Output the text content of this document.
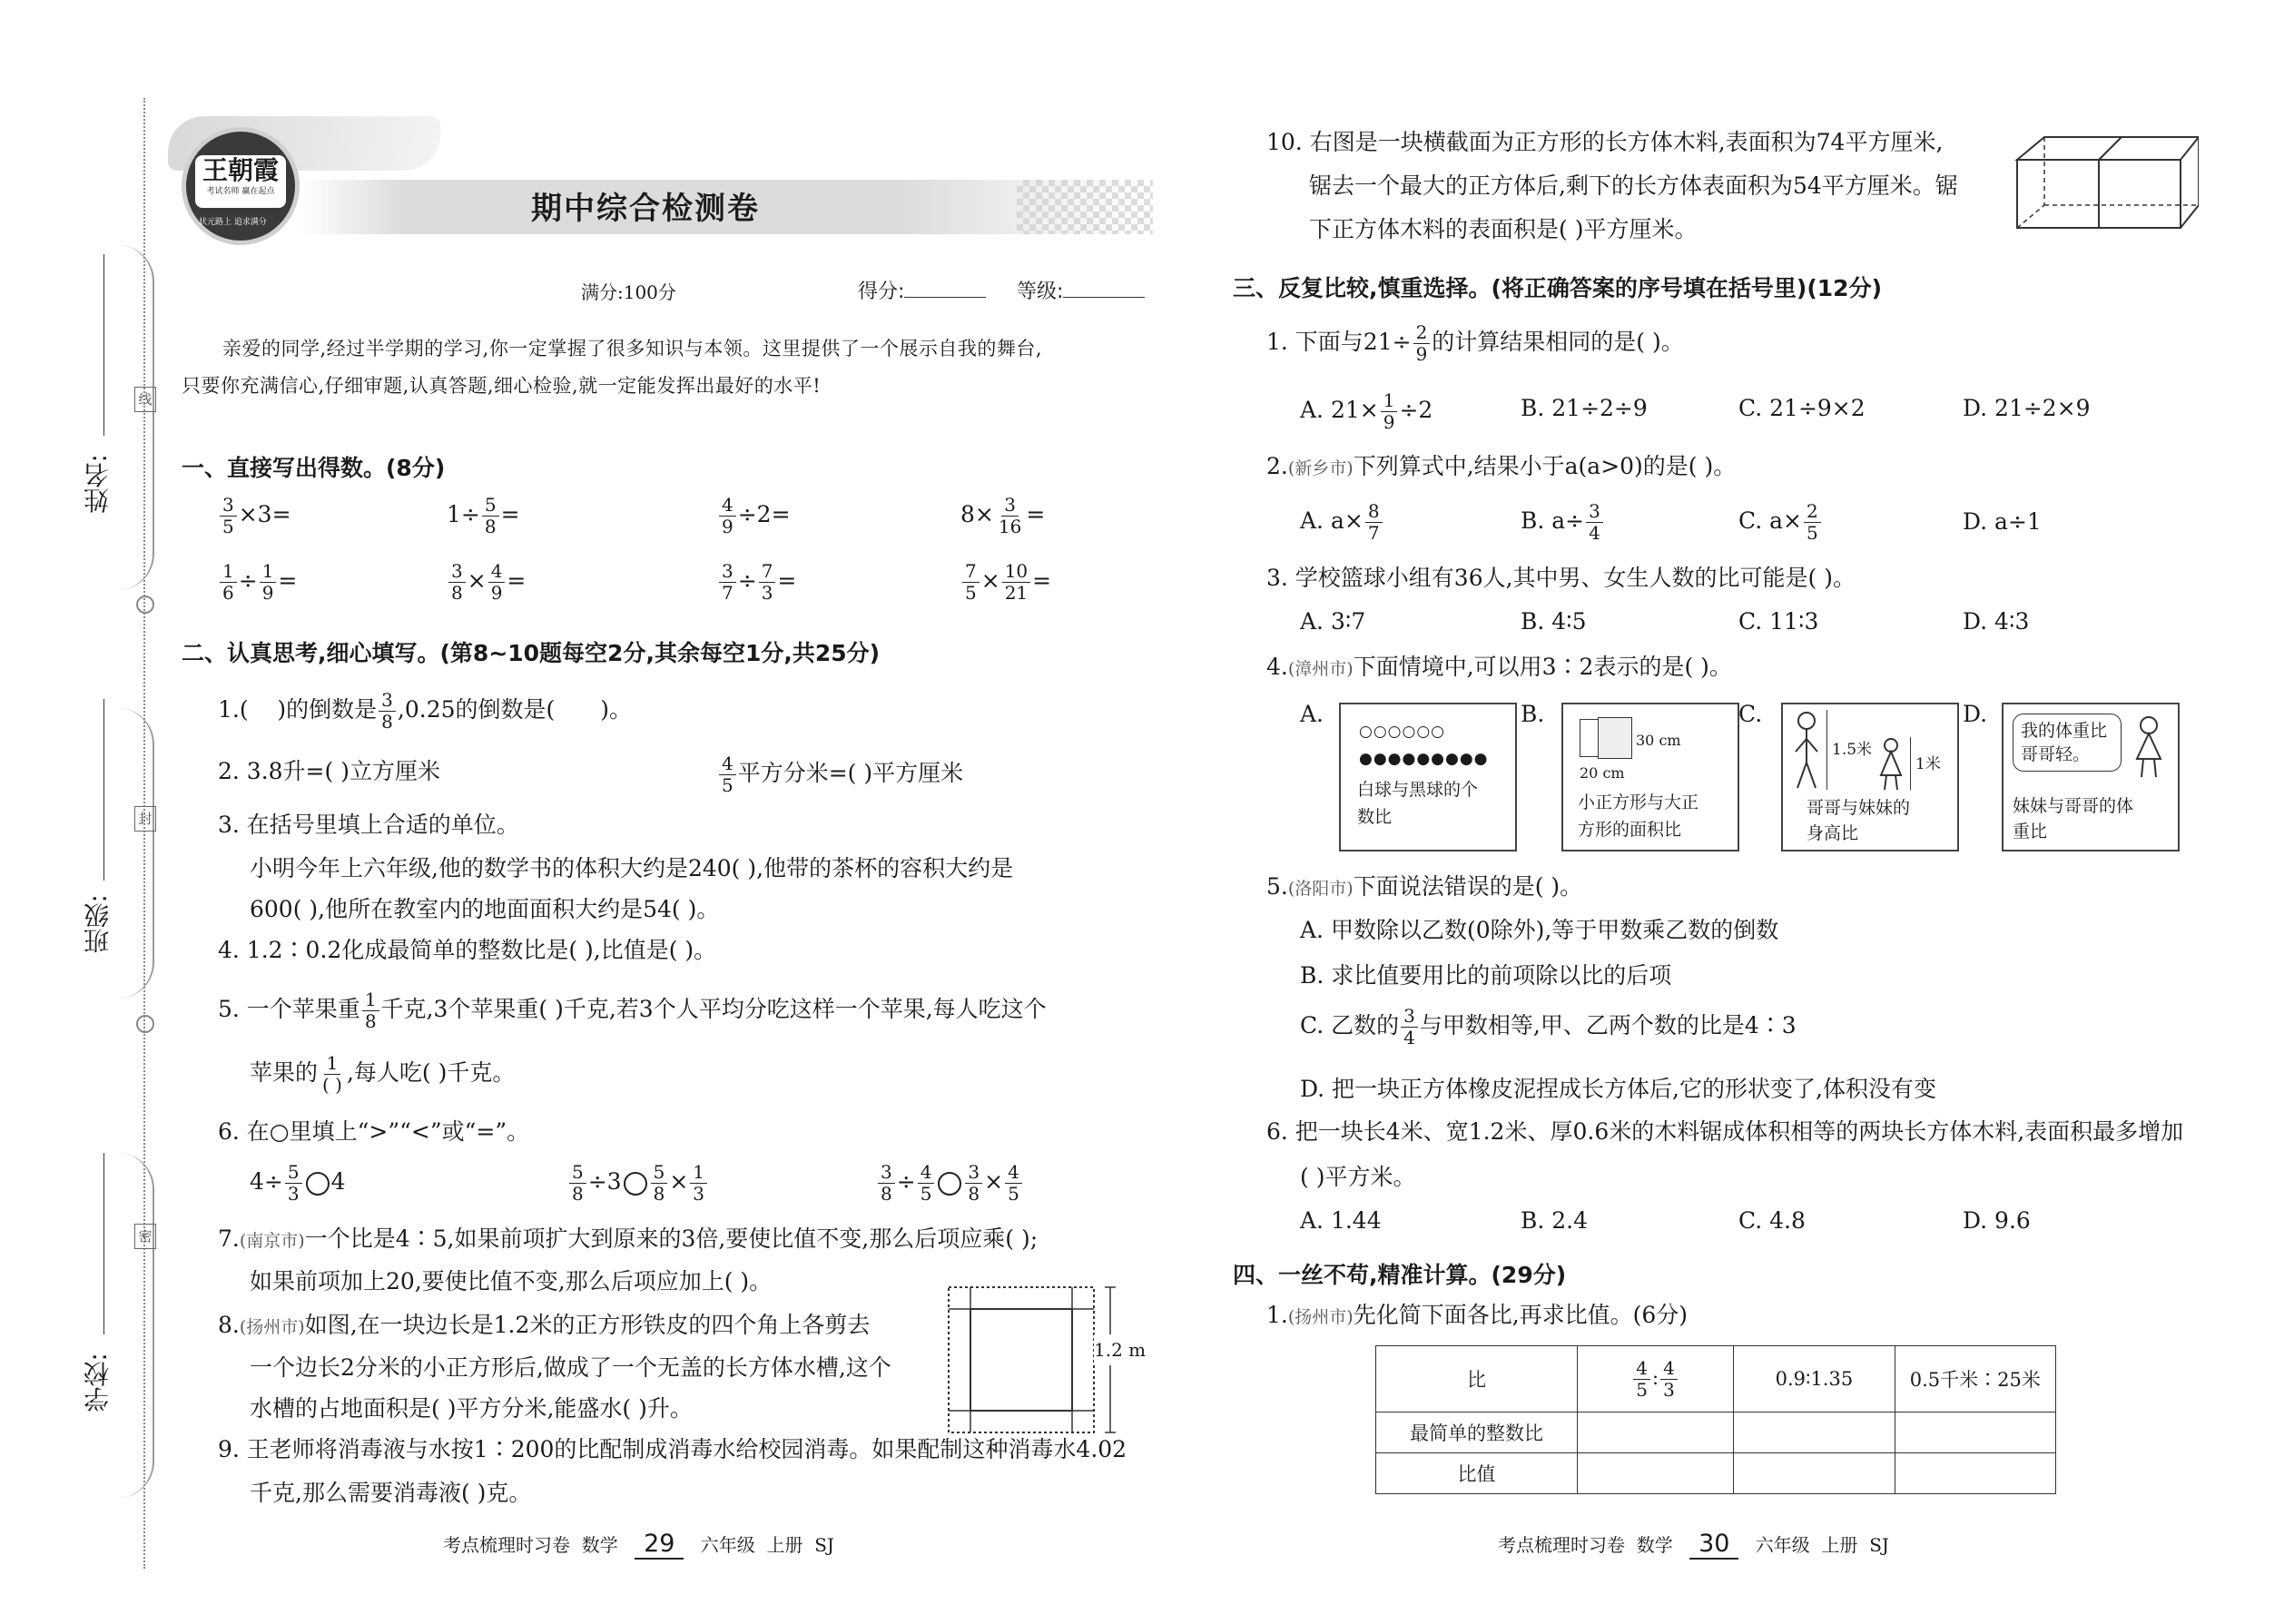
线
封
密
姓名:
班级:
学校:
王朝霞
考试名师 赢在起点
状元路上 追求满分	期中综合检测卷
满分:100分	得分:	等级:
亲爱的同学,经过半学期的学习,你一定掌握了很多知识与本领。这里提供了一个展示自我的舞台,
只要你充满信心,仔细审题,认真答题,细心检验,就一定能发挥出最好的水平!
一、直接写出得数。(8分)
$\frac{3}{5} \times 3=$	$1\div \frac{5}{8}$ =	$\frac{4}{9} \div 2=$	$8\times \frac{3}{16}$ =
$\frac{1}{6} \div \frac{1}{9}$ =	$\frac{3}{8} \times \frac{4}{9}$ =	$\frac{3}{7} \div \frac{7}{3}$ =	$\frac{7}{5} \times \frac{10}{21}$ =
二、认真思考,细心填写。(第8~10题每空2分,其余每空1分,共25分)
1.( )的倒数是 $\frac{3}{8} ,0.25$的倒数是( )。
2. 3.8升=( )立方厘米	$\frac{4}{5}$ 平方分米=( )平方厘米
3. 在括号里填上合适的单位。
小明今年上六年级,他的数学书的体积大约是240( ),他带的茶杯的容积大约是
600( ),他所在教室内的地面面积大约是54( )。
4. 1.2∶0.2化成最简单的整数比是( ),比值是( )。
5. 一个苹果重 $\frac{1}{8}$ 千克,3个苹果重( )千克,若3个人平均分吃这样一个苹果,每人吃这个
苹果的 $\frac{1}{( )}$ ,每人吃( )千克。
6. 在○里填上“>”“<”或“=”。
$4\div \frac{5}{3} 4$	$\frac{5}{8} \div 3 \frac{5}{8} \times \frac{1}{3}$	$\frac{3}{8} \div \frac{4}{5} \frac{3}{8} \times \frac{4}{5}$
7.(南京市)一个比是4∶5,如果前项扩大到原来的3倍,要使比值不变,那么后项应乘( );
如果前项加上20,要使比值不变,那么后项应加上( )。
8.(扬州市)如图,在一块边长是1.2米的正方形铁皮的四个角上各剪去
一个边长2分米的小正方形后,做成了一个无盖的长方体水槽,这个
水槽的占地面积是( )平方分米,能盛水( )升。
1.2 m
9. 王老师将消毒液与水按1∶200的比配制成消毒水给校园消毒。如果配制这种消毒水4.02
千克,那么需要消毒液( )克。
10. 右图是一块横截面为正方形的长方体木料,表面积为74平方厘米,
锯去一个最大的正方体后,剩下的长方体表面积为54平方厘米。锯
下正方体木料的表面积是( )平方厘米。
三、反复比较,慎重选择。(将正确答案的序号填在括号里)(12分)
1. 下面与$21\div \frac{2}{9}$ 的计算结果相同的是( )。
A. $21\times \frac{1}{9} \div 2$	B. 21÷2÷9	C. 21÷9×2	D. 21÷2×9
2.(新乡市)下列算式中,结果小于a(a>0)的是( )。
A. $a\times \frac{8}{7}$	B. $a\div \frac{3}{4}$	C. $a\times \frac{2}{5}$	D. a÷1
3. 学校篮球小组有36人,其中男、女生人数的比可能是( )。
A. 3∶7	B. 4∶5	C. 11∶3	D. 4∶3
4.(漳州市)下面情境中,可以用3∶2表示的是( )。
A.
○○○○○○
●●●●●●●●●
白球与黑球的个
数比
B.
30 cm
20 cm
小正方形与大正
方形的面积比
C.
1.5米
1米
哥哥与妹妹的
身高比
D.
我的体重比
哥哥轻。
妹妹与哥哥的体
重比
5.(洛阳市)下面说法错误的是( )。
A. 甲数除以乙数(0除外),等于甲数乘乙数的倒数
B. 求比值要用比的前项除以比的后项
C. 乙数的 $\frac{3}{4}$ 与甲数相等,甲、乙两个数的比是4∶3
D. 把一块正方体橡皮泥捏成长方体后,它的形状变了,体积没有变
6. 把一块长4米、宽1.2米、厚0.6米的木料锯成体积相等的两块长方体木料,表面积最多增加
( )平方米。
A. 1.44	B. 2.4	C. 4.8	D. 9.6
四、一丝不苟,精准计算。(29分)
1.(扬州市)先化简下面各比,再求比值。(6分)
比	$\frac{4}{5}$ : $\frac{4}{3}$	0.9∶1.35	0.5千米∶25米
最简单的整数比			
比值			
考点梳理时习卷 数学 29 六年级 上册 SJ	考点梳理时习卷 数学 30 六年级 上册 SJ
